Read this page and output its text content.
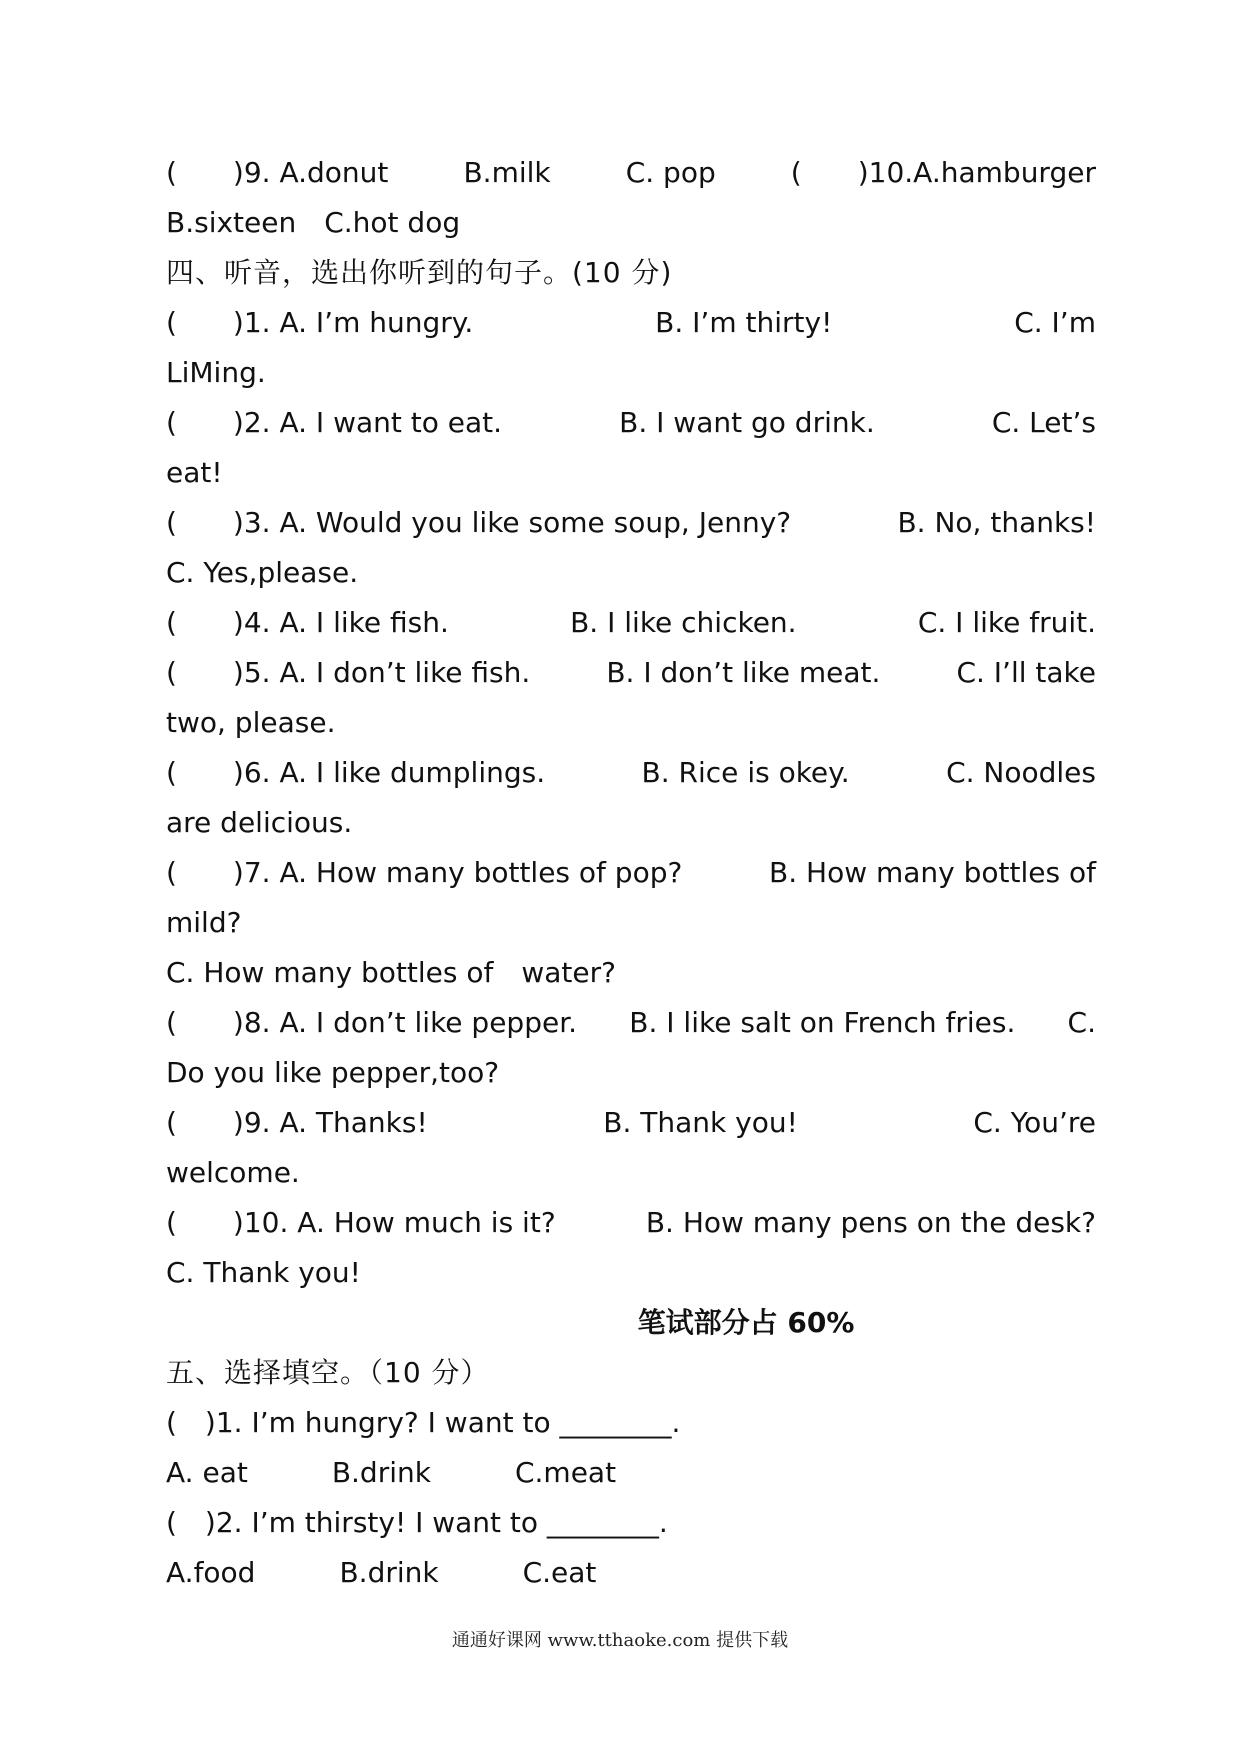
(　　)9. A.donut	B.milk	C. pop	(　　)10.A.hamburger
B.sixteen　C.hot dog
四、听音，选出你听到的句子。(10 分)
(　　)1. A. I’m hungry.	B. I’m thirty!	C. I’m
LiMing.
(　　)2. A. I want to eat.	B. I want go drink.	C. Let’s
eat!
(　　)3. A. Would you like some soup, Jenny?	B. No, thanks!
C. Yes,please.
(　　)4. A. I like fish.	B. I like chicken.	C. I like fruit.
(　　)5. A. I don’t like fish.	B. I don’t like meat.	C. I’ll take
two, please.
(　　)6. A. I like dumplings.	B. Rice is okey.	C. Noodles
are delicious.
(　　)7. A. How many bottles of pop?	B. How many bottles of
mild?
C. How many bottles of　water?
(　　)8. A. I don’t like pepper. B. I like salt on French fries. C.
Do you like pepper,too?
(　　)9. A. Thanks!	B. Thank you!	C. You’re
welcome.
(　　)10. A. How much is it?	B. How many pens on the desk?
C. Thank you!
笔试部分占 60%
五、选择填空。（10 分）
(　)1. I’m hungry? I want to ________.
A. eat　　　B.drink　　　C.meat
(　)2. I’m thirsty! I want to ________.
A.food　　　B.drink　　　C.eat
通通好课网 www.tthaoke.com 提供下载
